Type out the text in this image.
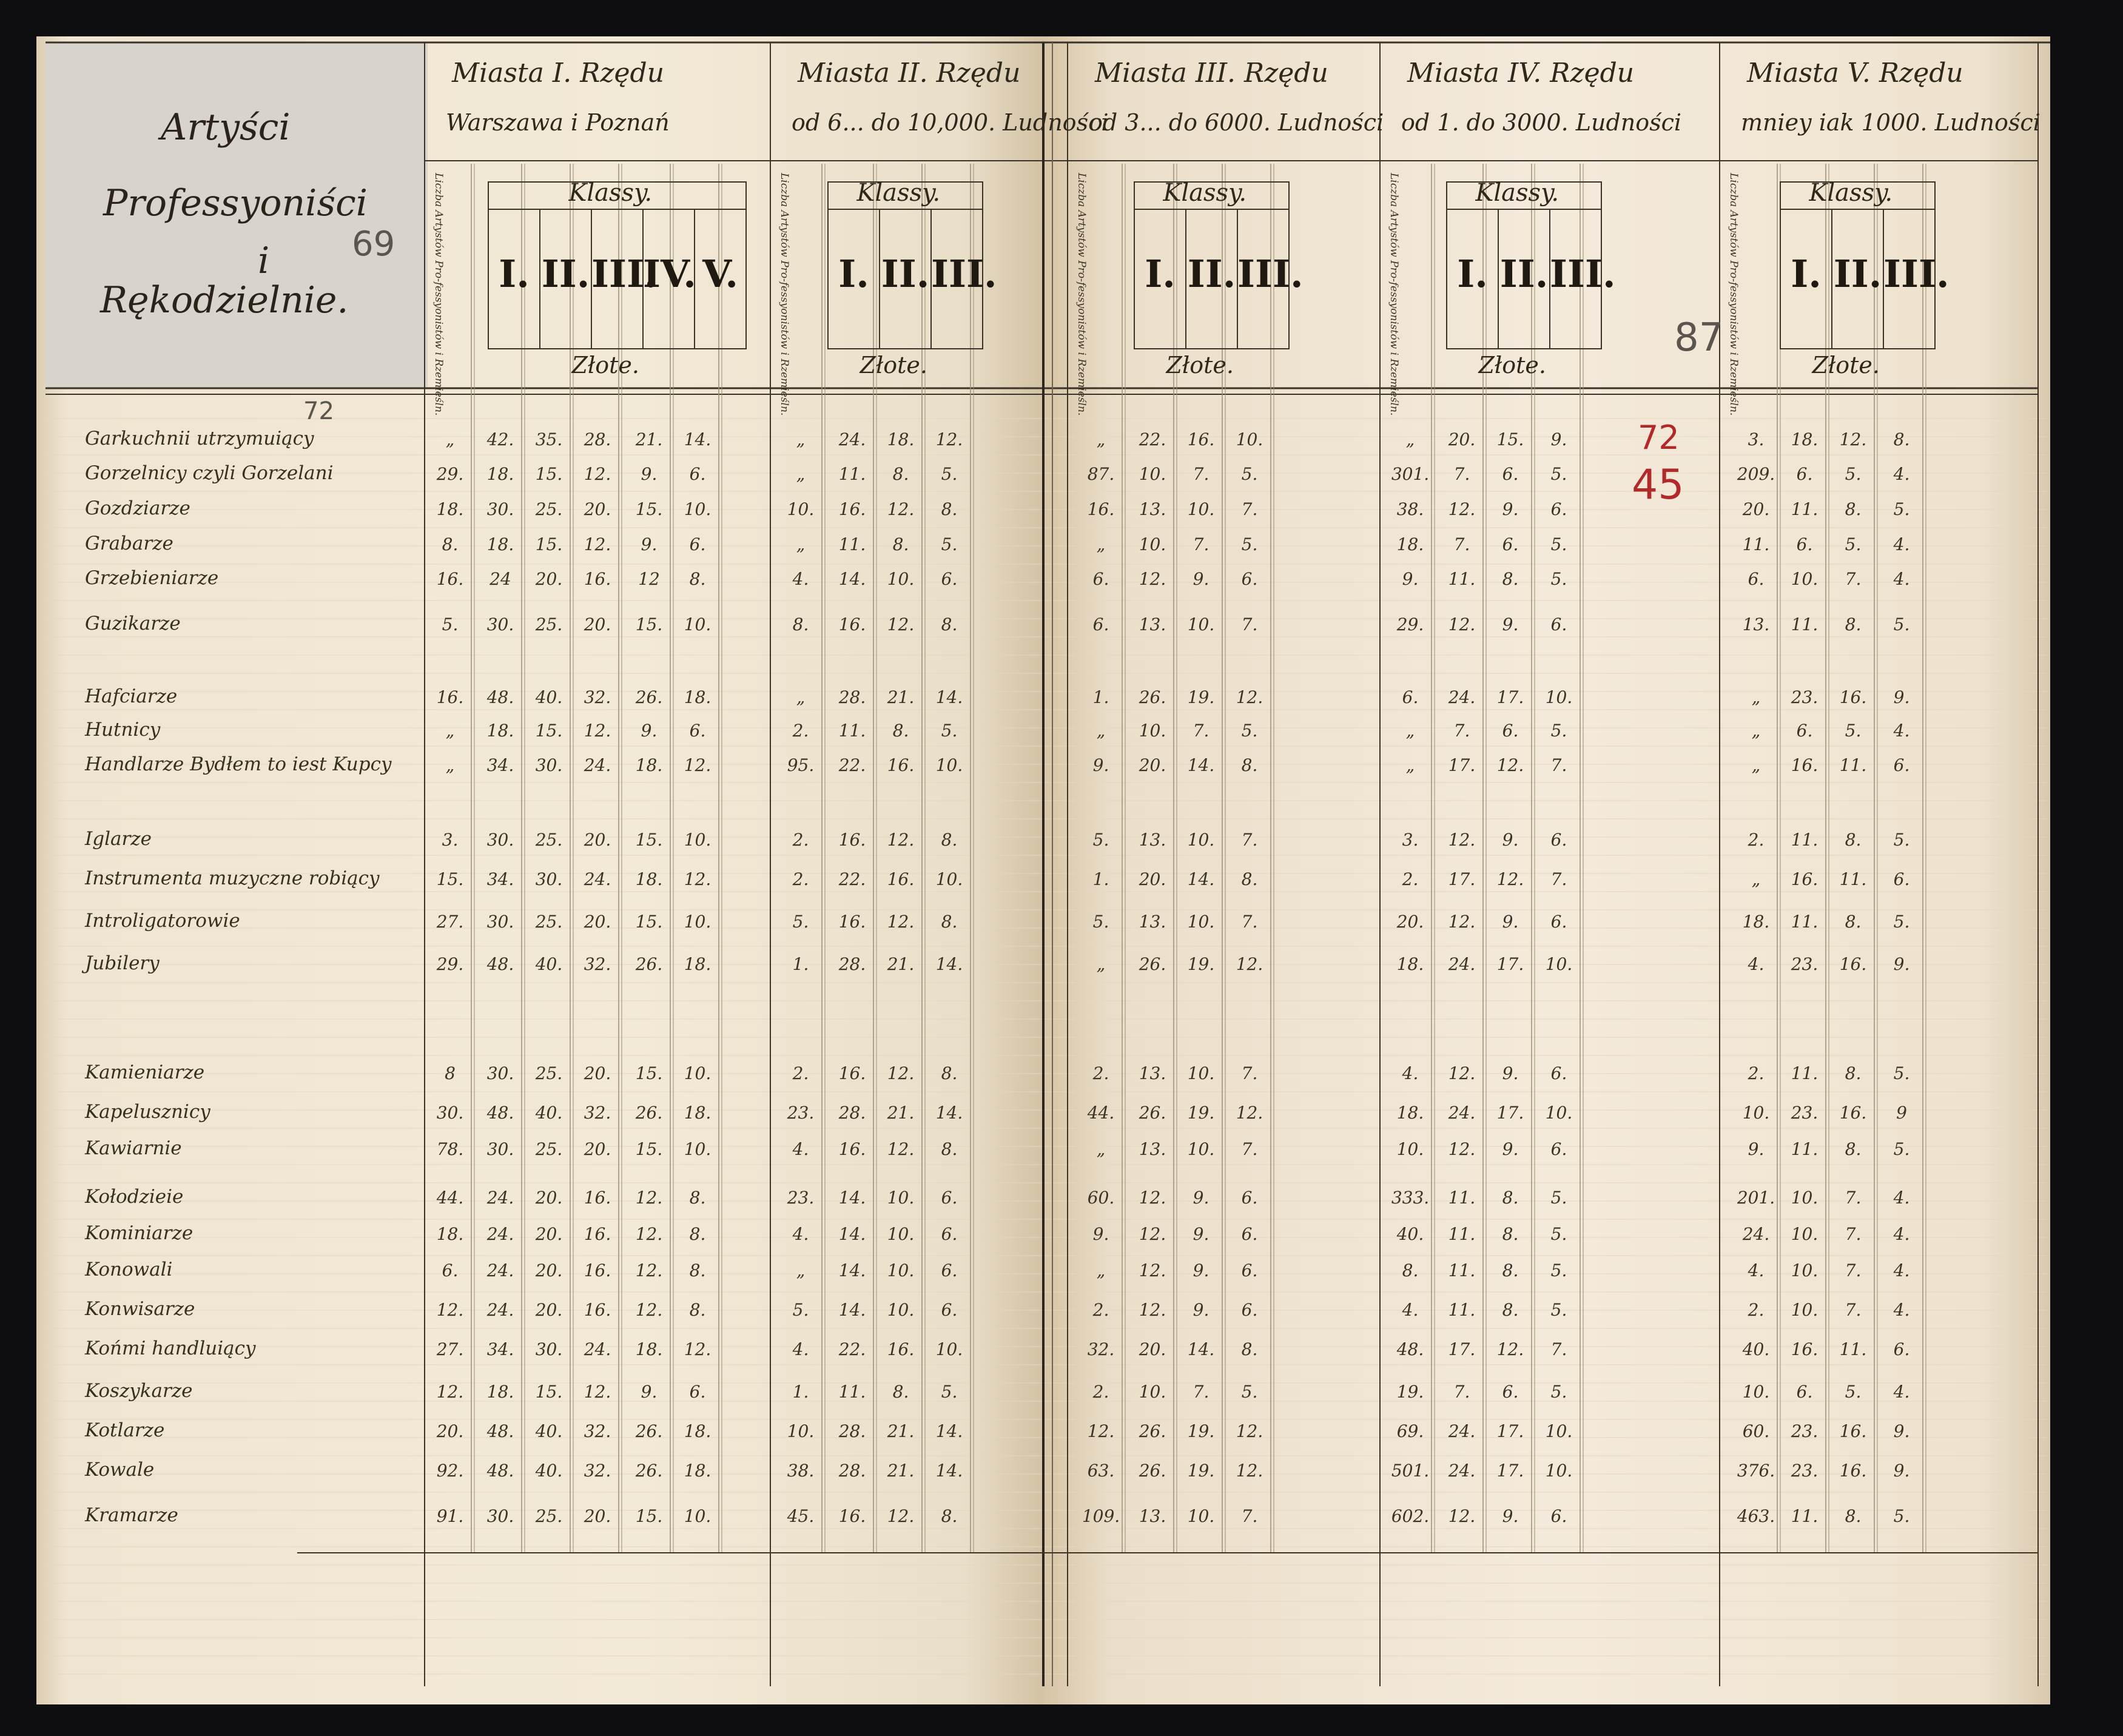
Miasta I. Rzędu
Warszawa i Poznań
Klassy.
Złote.
Liczba Artystów Pro-fessyonistów i Rzemieśln. I. II. III.
IV. V.
Miasta II. Rzędu
od 6... do 10,000. Ludności
Klassy.
Złote.
Liczba Artystów Pro-fessyonistów i Rzemieśln. I. II. III.
Miasta III. Rzędu
od 3... do 6000. Ludności
Klassy.
Złote.
Liczba Artystów Pro-fessyonistów i Rzemieśln. I. II. III.
Miasta IV. Rzędu
od 1. do 3000. Ludności
Klassy.
Złote.
Liczba Artystów Pro-fessyonistów i Rzemieśln. I. II. III.
Miasta V. Rzędu
mniey iak 1000. Ludności
Klassy.
Złote.
Liczba Artystów Pro-fessyonistów i Rzemieśln. I. II. III.
Garkuchnii utrzymuiący	„	42.	35.	28.	21.	14.	„	24.	18.	12.	„	22.	16.	10.	„	20.	15.	9.	3.	18.	12.	8.
Gorzelnicy czyli Gorzelani	29.	18.	15.	12.	9.	6.	„	11.	8.	5.	87.	10.	7.	5.	301.	7.	6.	5.	209.	6.	5.	4.
Gozdziarze	18.	30.	25.	20.	15.	10.	10.	16.	12.	8.	16.	13.	10.	7.	38.	12.	9.	6.	20.	11.	8.	5.
Grabarze	8.	18.	15.	12.	9.	6.	„	11.	8.	5.	„	10.	7.	5.	18.	7.	6.	5.	11.	6.	5.	4.
Grzebieniarze	16.	24	20.	16.	12	8.	4.	14.	10.	6.	6.	12.	9.	6.	9.	11.	8.	5.	6.	10.	7.	4.
Guzikarze	5.	30.	25.	20.	15.	10.	8.	16.	12.	8.	6.	13.	10.	7.	29.	12.	9.	6.	13.	11.	8.	5.
Hafciarze	16.	48.	40.	32.	26.	18.	„	28.	21.	14.	1.	26.	19.	12.	6.	24.	17.	10.	„	23.	16.	9.
Hutnicy	„	18.	15.	12.	9.	6.	2.	11.	8.	5.	„	10.	7.	5.	„	7.	6.	5.	„	6.	5.	4.
Handlarze Bydłem to iest Kupcy	„	34.	30.	24.	18.	12.	95.	22.	16.	10.	9.	20.	14.	8.	„	17.	12.	7.	„	16.	11.	6.
Iglarze	3.	30.	25.	20.	15.	10.	2.	16.	12.	8.	5.	13.	10.	7.	3.	12.	9.	6.	2.	11.	8.	5.
Instrumenta muzyczne robiący	15.	34.	30.	24.	18.	12.	2.	22.	16.	10.	1.	20.	14.	8.	2.	17.	12.	7.	„	16.	11.	6.
Introligatorowie	27.	30.	25.	20.	15.	10.	5.	16.	12.	8.	5.	13.	10.	7.	20.	12.	9.	6.	18.	11.	8.	5.
Jubilery	29.	48.	40.	32.	26.	18.	1.	28.	21.	14.	„	26.	19.	12.	18.	24.	17.	10.	4.	23.	16.	9.
Kamieniarze	8	30.	25.	20.	15.	10.	2.	16.	12.	8.	2.	13.	10.	7.	4.	12.	9.	6.	2.	11.	8.	5.
Kapelusznicy	30.	48.	40.	32.	26.	18.	23.	28.	21.	14.	44.	26.	19.	12.	18.	24.	17.	10.	10.	23.	16.	9
Kawiarnie	78.	30.	25.	20.	15.	10.	4.	16.	12.	8.	„	13.	10.	7.	10.	12.	9.	6.	9.	11.	8.	5.
Kołodzieie	44.	24.	20.	16.	12.	8.	23.	14.	10.	6.	60.	12.	9.	6.	333.	11.	8.	5.	201. 10.	7.	4.
Kominiarze	18.	24.	20.	16.	12.	8.	4.	14.	10.	6.	9.	12.	9.	6.	40.	11.	8.	5.	24.	10.	7.	4.
Konowali	6.	24.	20.	16.	12.	8.	„	14.	10.	6.	„	12.	9.	6.	8.	11.	8.	5.	4.	10.	7.	4.
Konwisarze	12.	24.	20.	16.	12.	8.	5.	14.	10.	6.	2.	12.	9.	6.	4.	11.	8.	5.	2.	10.	7.	4.
Końmi handluiący	27.	34.	30.	24.	18.	12.	4.	22.	16.	10.	32.	20.	14.	8.	48.	17.	12.	7.	40.	16.	11.	6.
Koszykarze	12.	18.	15.	12.	9.	6.	1.	11.	8.	5.	2.	10.	7.	5.	19.	7.	6.	5.	10.	6.	5.	4.
Kotlarze	20.	48.	40.	32.	26.	18.	10.	28.	21.	14.	12.	26.	19.	12.	69.	24.	17.	10.	60.	23.	16.	9.
Kowale	92.	48.	40.	32.	26.	18.	38.	28.	21.	14.	63.	26.	19.	12.	501.	24.	17.	10.	376. 23.	16.	9.
Kramarze	91.	30.	25.	20.	15.	10.	45.	16.	12.	8.	109.	13.	10.	7.	602.	12.	9.	6.	463. 11.	8.	5.
Artyści
Professyoniści
i
Rękodzielnie.
69
72
87
72
45
